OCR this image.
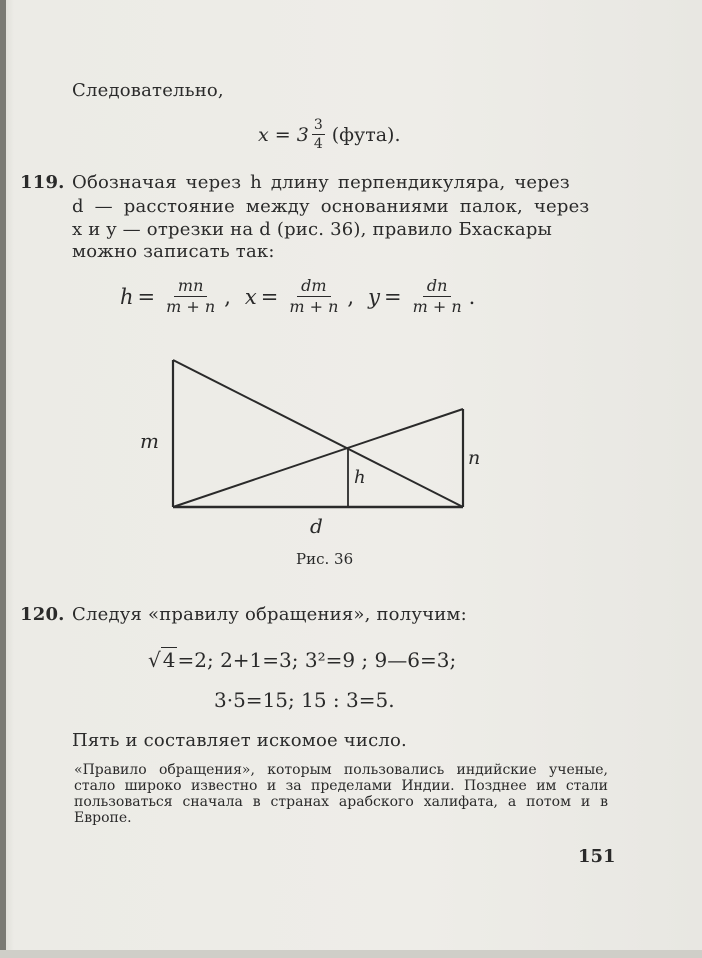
Следовательно,
$x = 3 \frac{3}{4}$ (фута).
119. Обозначая через h длину перпендикуляра, через
d — расстояние между основаниями палок, через
x и y — отрезки на d (рис. 36), правило Бхаскары
можно записать так:
$h = \frac{mn}{m + n}$ , $x = \frac{dm}{m + n}$ , $y = \frac{dn}{m + n}$ .
m
n
h
d
Рис. 36
120. Следуя «правилу обращения», получим:
√ 4 =2; 2+1=3; 3²=9 ; 9—6=3;
3·5=15; 15 : 3=5.
Пять и составляет искомое число.
«Правило обращения», которым пользовались индийские ученые, стало широко известно и за пределами Индии. Позднее им стали пользоваться сначала в странах арабского халифата, а потом и в Европе.
151
